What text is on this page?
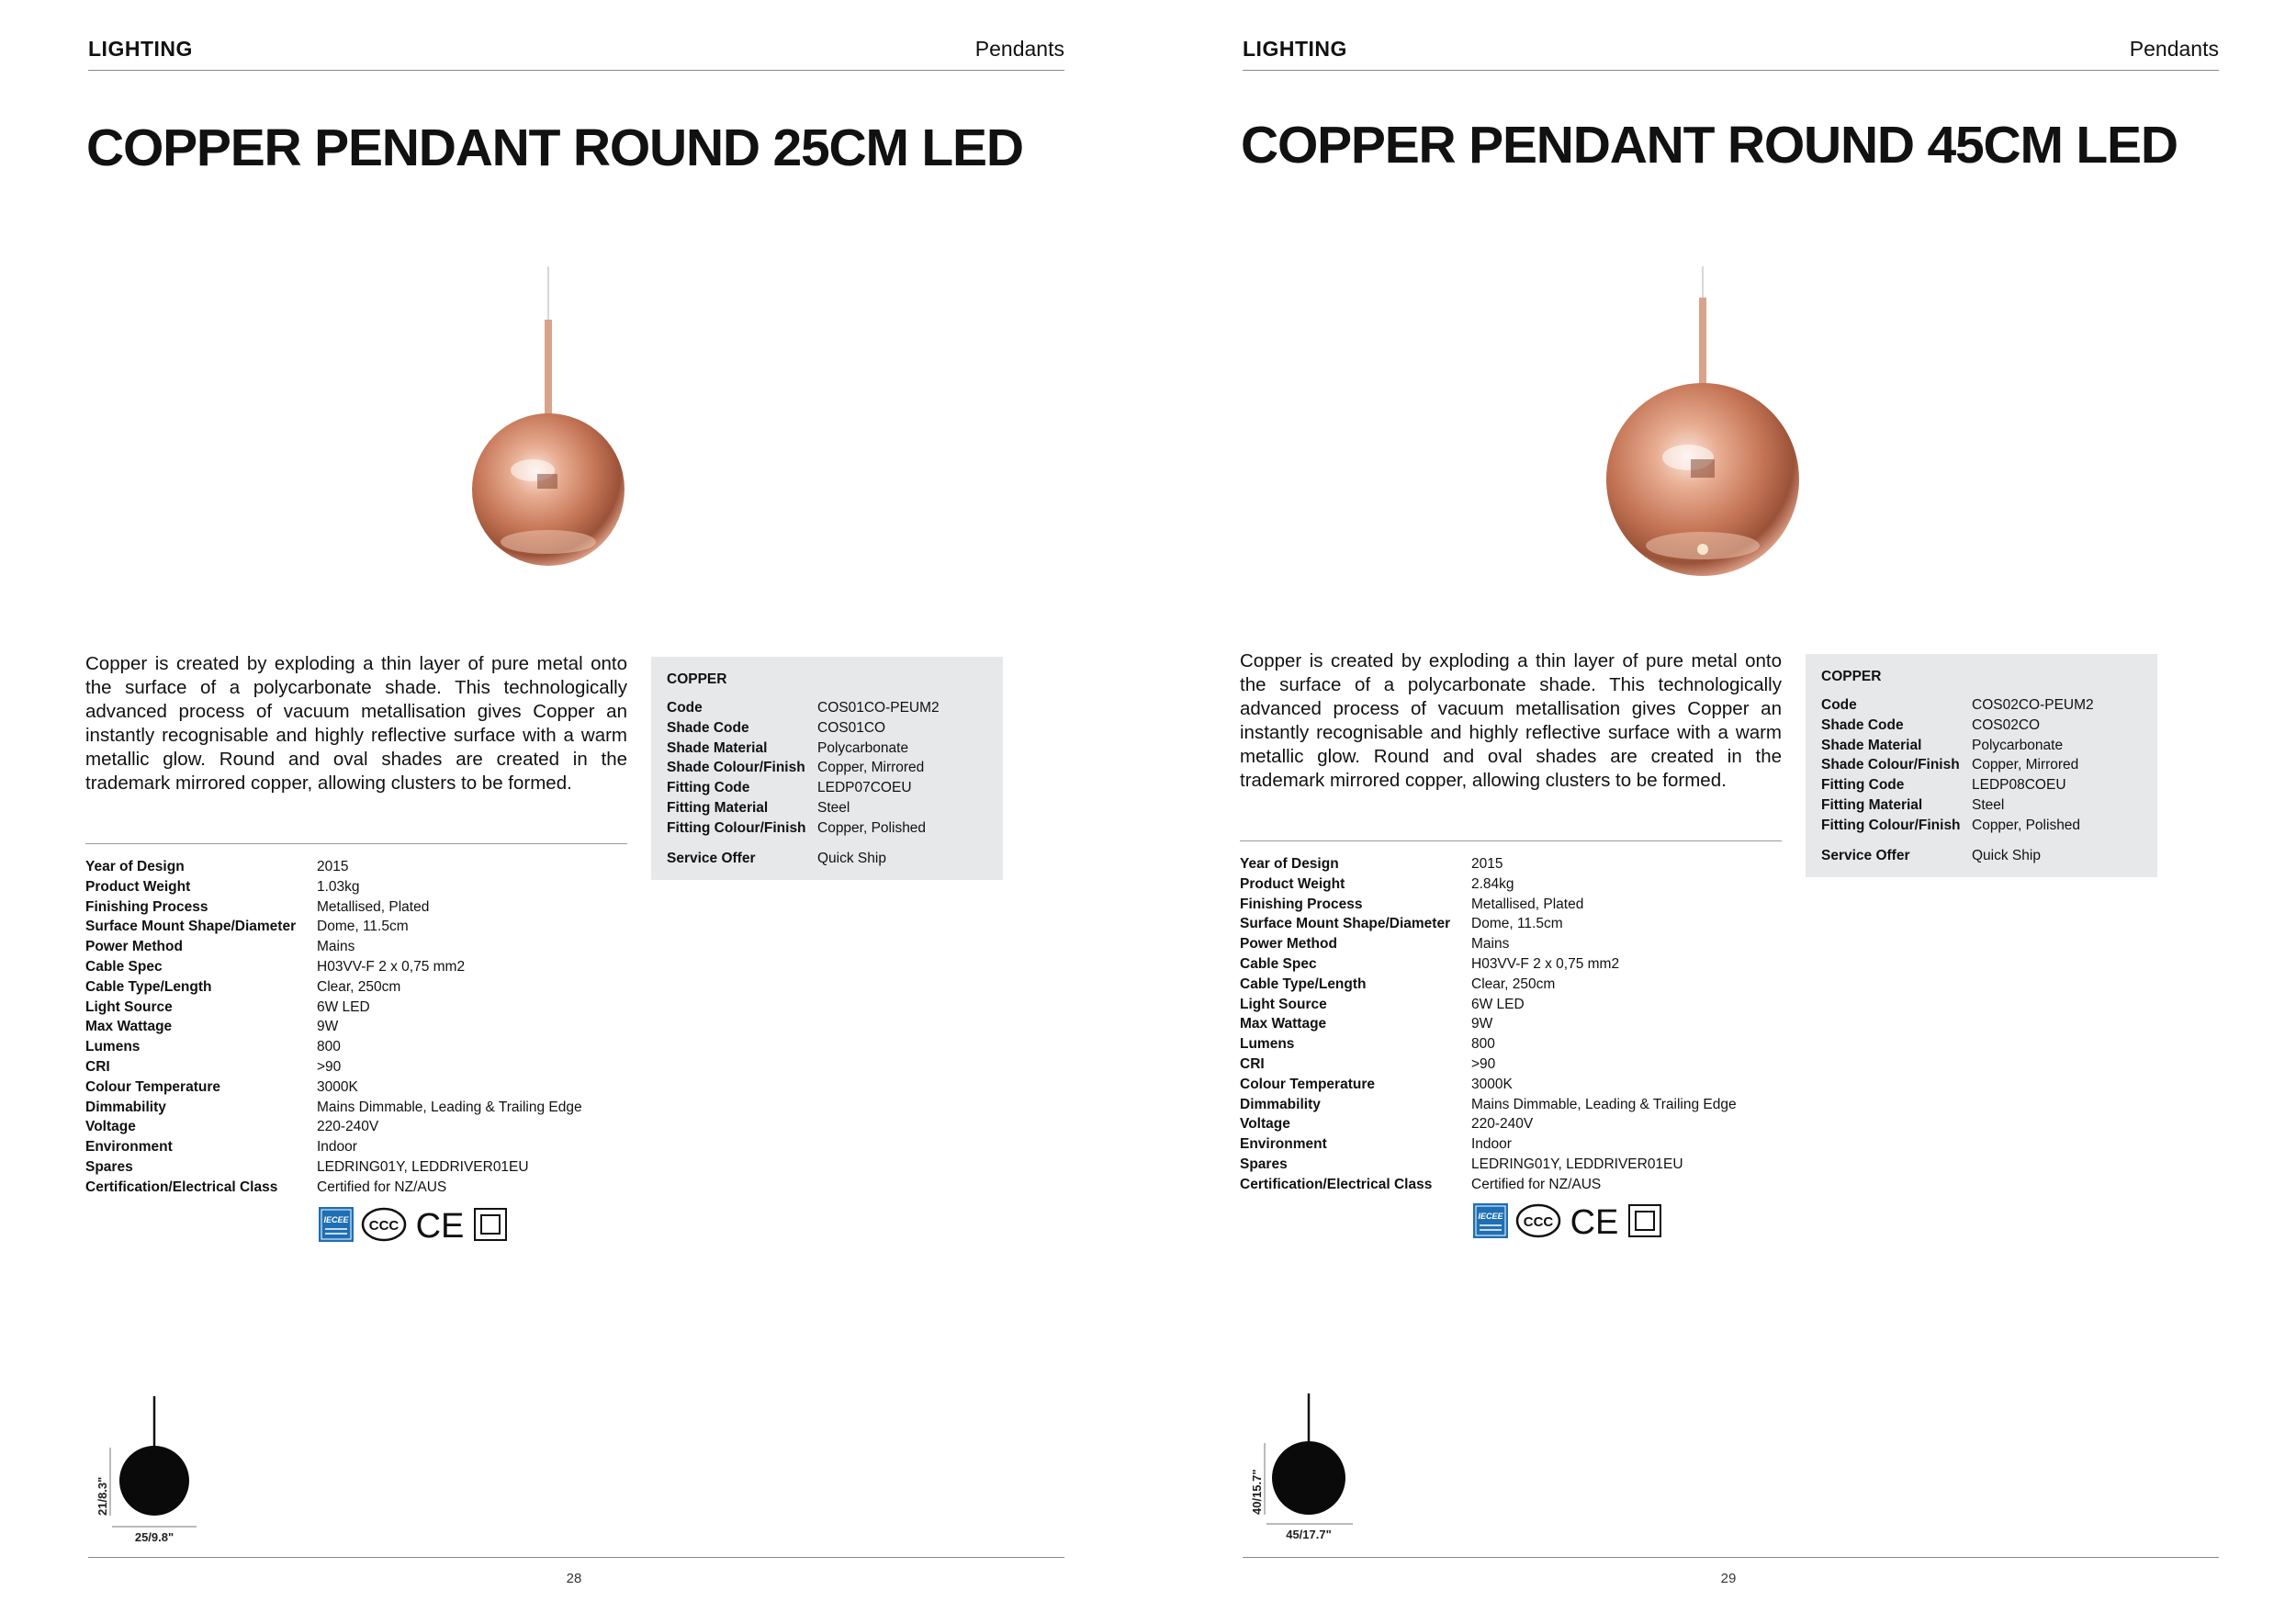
LIGHTING	Pendants
COPPER PENDANT ROUND 25CM LED

Copper is created by exploding a thin layer of pure metal onto the surface of a polycarbonate shade. This technologically advanced process of vacuum metallisation gives Copper an instantly recognisable and highly reflective surface with a warm metallic glow. Round and oval shades are created in the trademark mirrored copper, allowing clusters to be formed.

Year of Design	2015
Product Weight	1.03kg
Finishing Process	Metallised, Plated
Surface Mount Shape/Diameter	Dome, 11.5cm
Power Method	Mains
Cable Spec	H03VV-F 2 x 0,75 mm2
Cable Type/Length	Clear, 250cm
Light Source	6W LED
Max Wattage	9W
Lumens	800
CRI	>90
Colour Temperature	3000K
Dimmability	Mains Dimmable, Leading & Trailing Edge
Voltage	220-240V
Environment	Indoor
Spares	LEDRING01Y, LEDDRIVER01EU
Certification/Electrical Class	Certified for NZ/AUS
IECEE CCC CE
COPPER
Code	COS01CO-PEUM2
Shade Code	COS01CO
Shade Material	Polycarbonate
Shade Colour/Finish	Copper, Mirrored
Fitting Code	LEDP07COEU
Fitting Material	Steel
Fitting Colour/Finish	Copper, Polished
Service Offer	Quick Ship
21/8.3"
25/9.8"
28
LIGHTING	Pendants
COPPER PENDANT ROUND 45CM LED

Copper is created by exploding a thin layer of pure metal onto the surface of a polycarbonate shade. This technologically advanced process of vacuum metallisation gives Copper an instantly recognisable and highly reflective surface with a warm metallic glow. Round and oval shades are created in the trademark mirrored copper, allowing clusters to be formed.

Year of Design	2015
Product Weight	2.84kg
Finishing Process	Metallised, Plated
Surface Mount Shape/Diameter	Dome, 11.5cm
Power Method	Mains
Cable Spec	H03VV-F 2 x 0,75 mm2
Cable Type/Length	Clear, 250cm
Light Source	6W LED
Max Wattage	9W
Lumens	800
CRI	>90
Colour Temperature	3000K
Dimmability	Mains Dimmable, Leading & Trailing Edge
Voltage	220-240V
Environment	Indoor
Spares	LEDRING01Y, LEDDRIVER01EU
Certification/Electrical Class	Certified for NZ/AUS
IECEE CCC CE
COPPER
Code	COS02CO-PEUM2
Shade Code	COS02CO
Shade Material	Polycarbonate
Shade Colour/Finish	Copper, Mirrored
Fitting Code	LEDP08COEU
Fitting Material	Steel
Fitting Colour/Finish	Copper, Polished
Service Offer	Quick Ship
40/15.7"
45/17.7"
29
